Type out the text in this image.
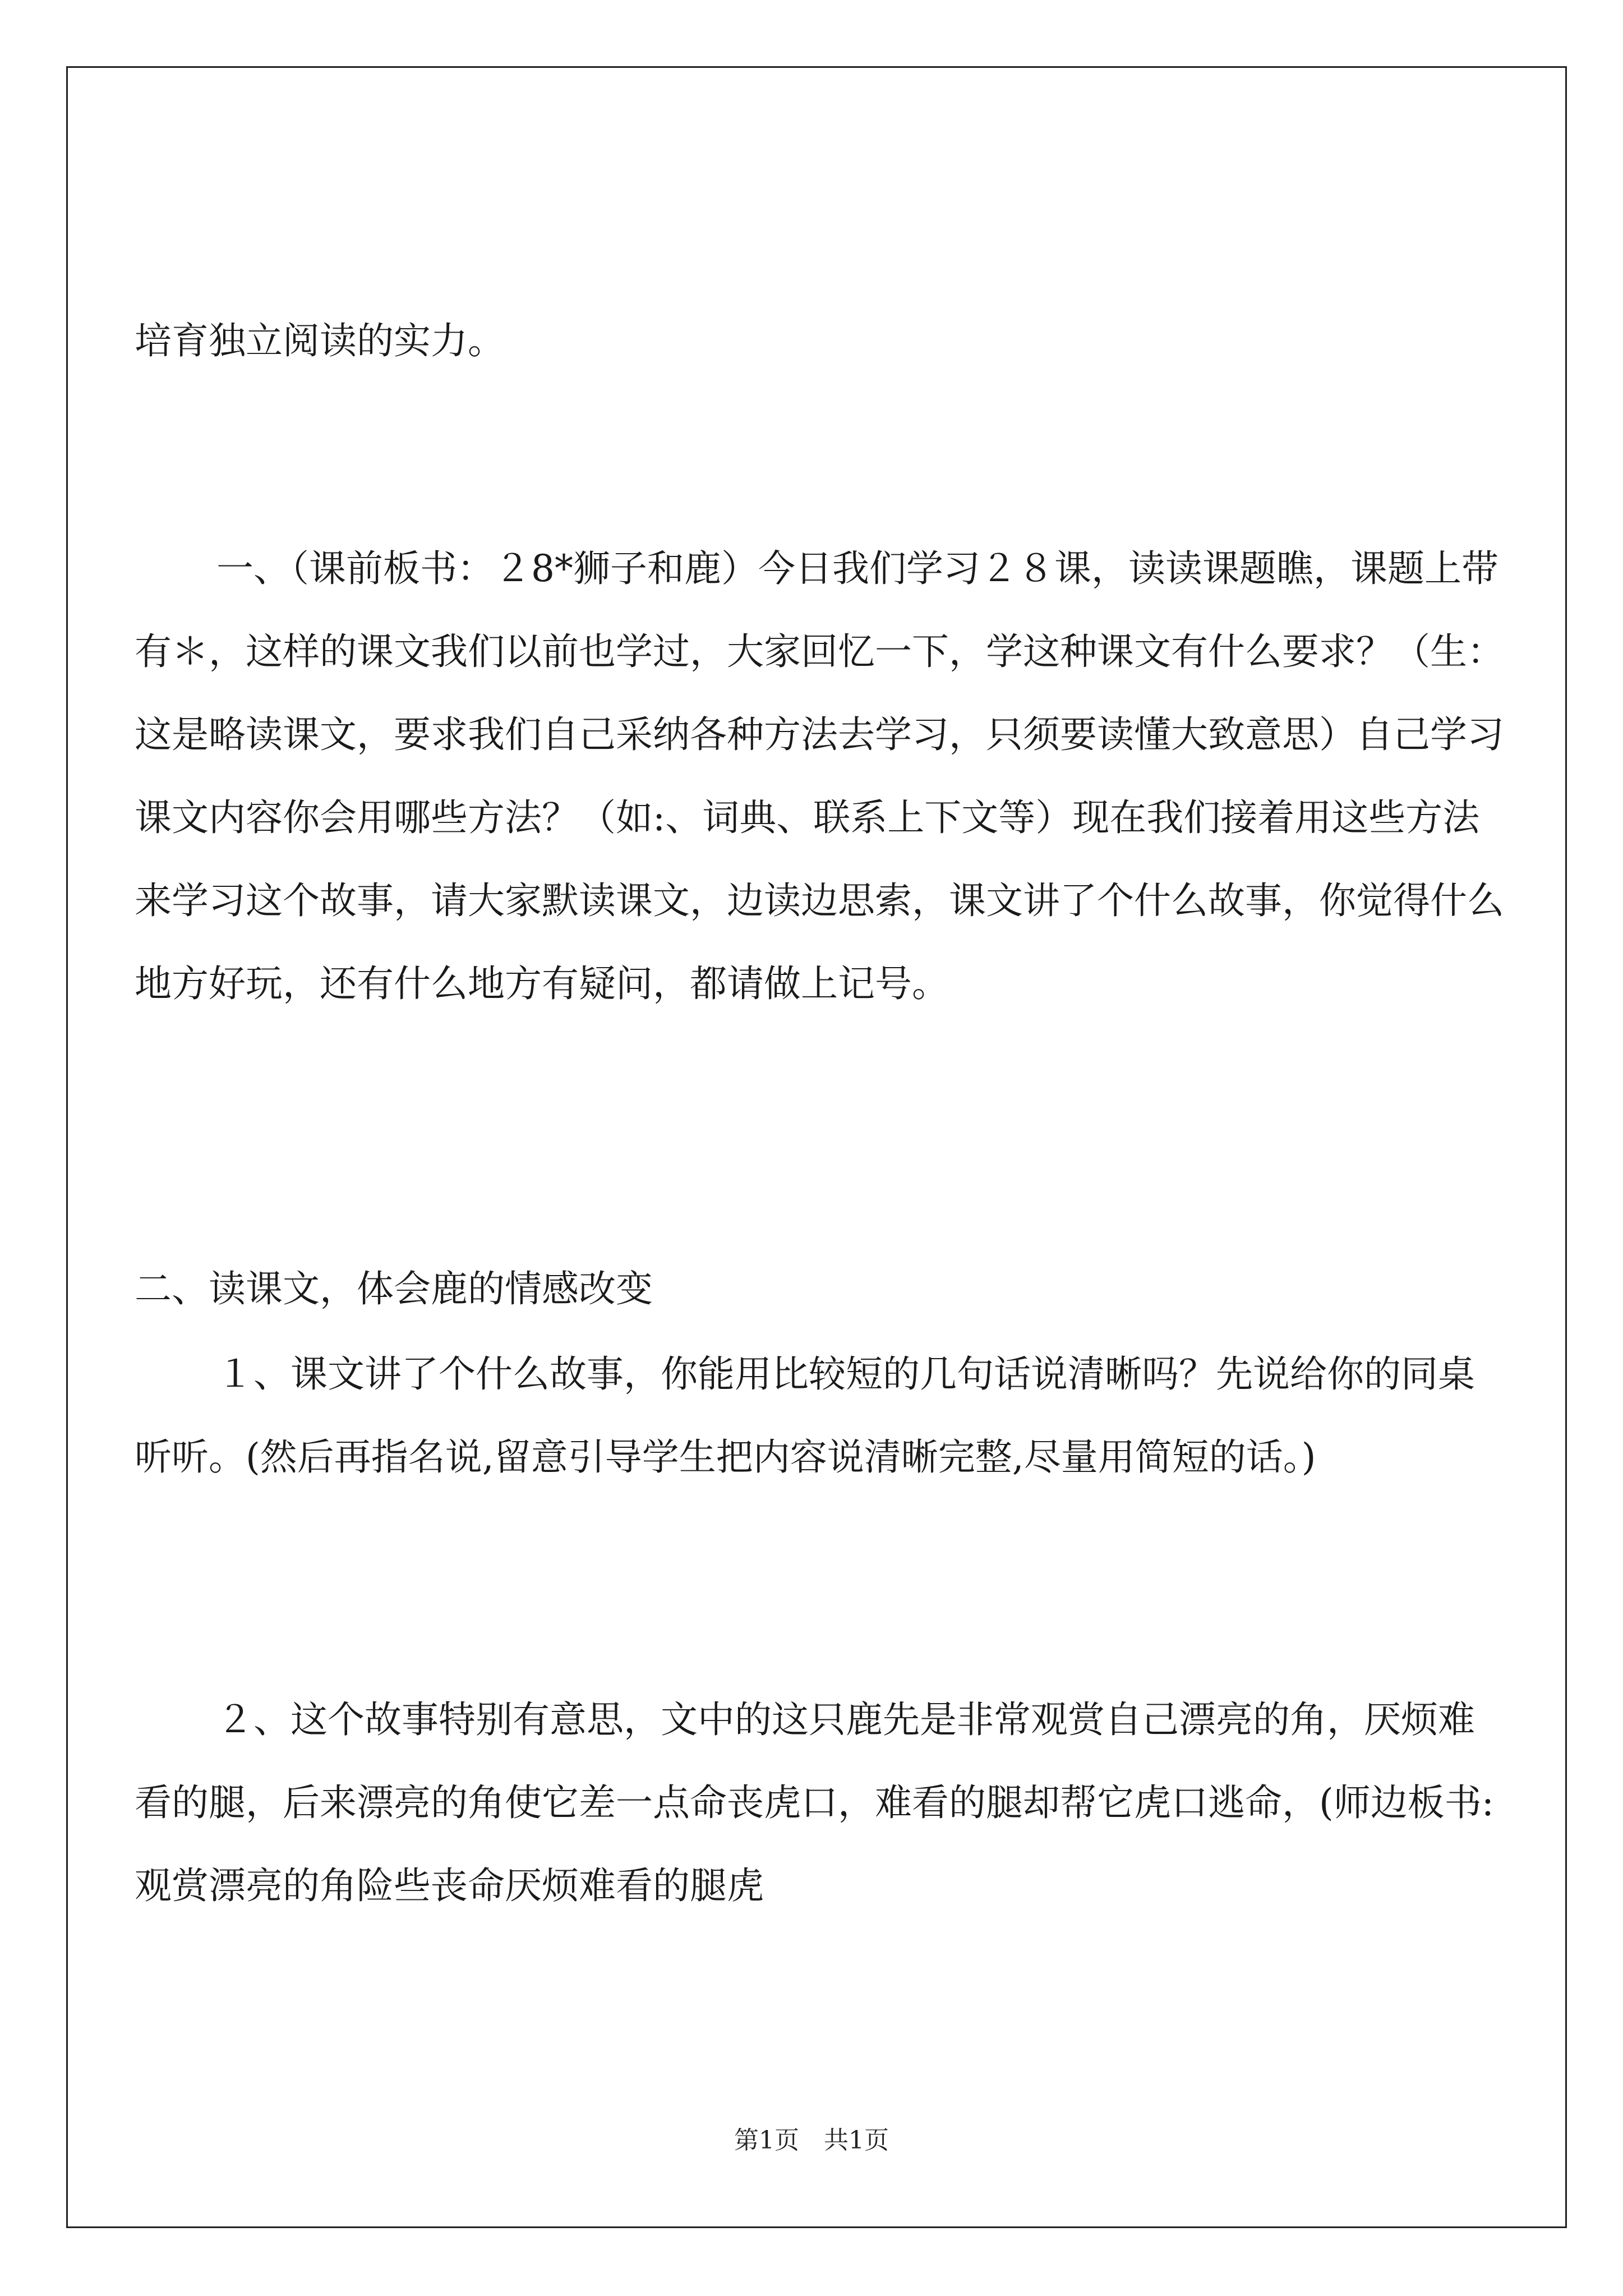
培育独立阅读的实力。

一、（课前板书：２8*狮子和鹿）今日我们学习２８课，读读课题瞧，课题上带有＊，这样的课文我们以前也学过，大家回忆一下，学这种课文有什么要求？（生：这是略读课文，要求我们自己采纳各种方法去学习，只须要读懂大致意思）自己学习课文内容你会用哪些方法？（如:、词典、联系上下文等）现在我们接着用这些方法来学习这个故事，请大家默读课文，边读边思索，课文讲了个什么故事，你觉得什么地方好玩，还有什么地方有疑问，都请做上记号。

二、读课文，体会鹿的情感改变

１、课文讲了个什么故事，你能用比较短的几句话说清晰吗？先说给你的同桌听听。(然后再指名说,留意引导学生把内容说清晰完整,尽量用简短的话。)

２、这个故事特别有意思，文中的这只鹿先是非常观赏自己漂亮的角，厌烦难看的腿，后来漂亮的角使它差一点命丧虎口，难看的腿却帮它虎口逃命，(师边板书: 观赏漂亮的角险些丧命厌烦难看的腿虎

第1页　共1页
